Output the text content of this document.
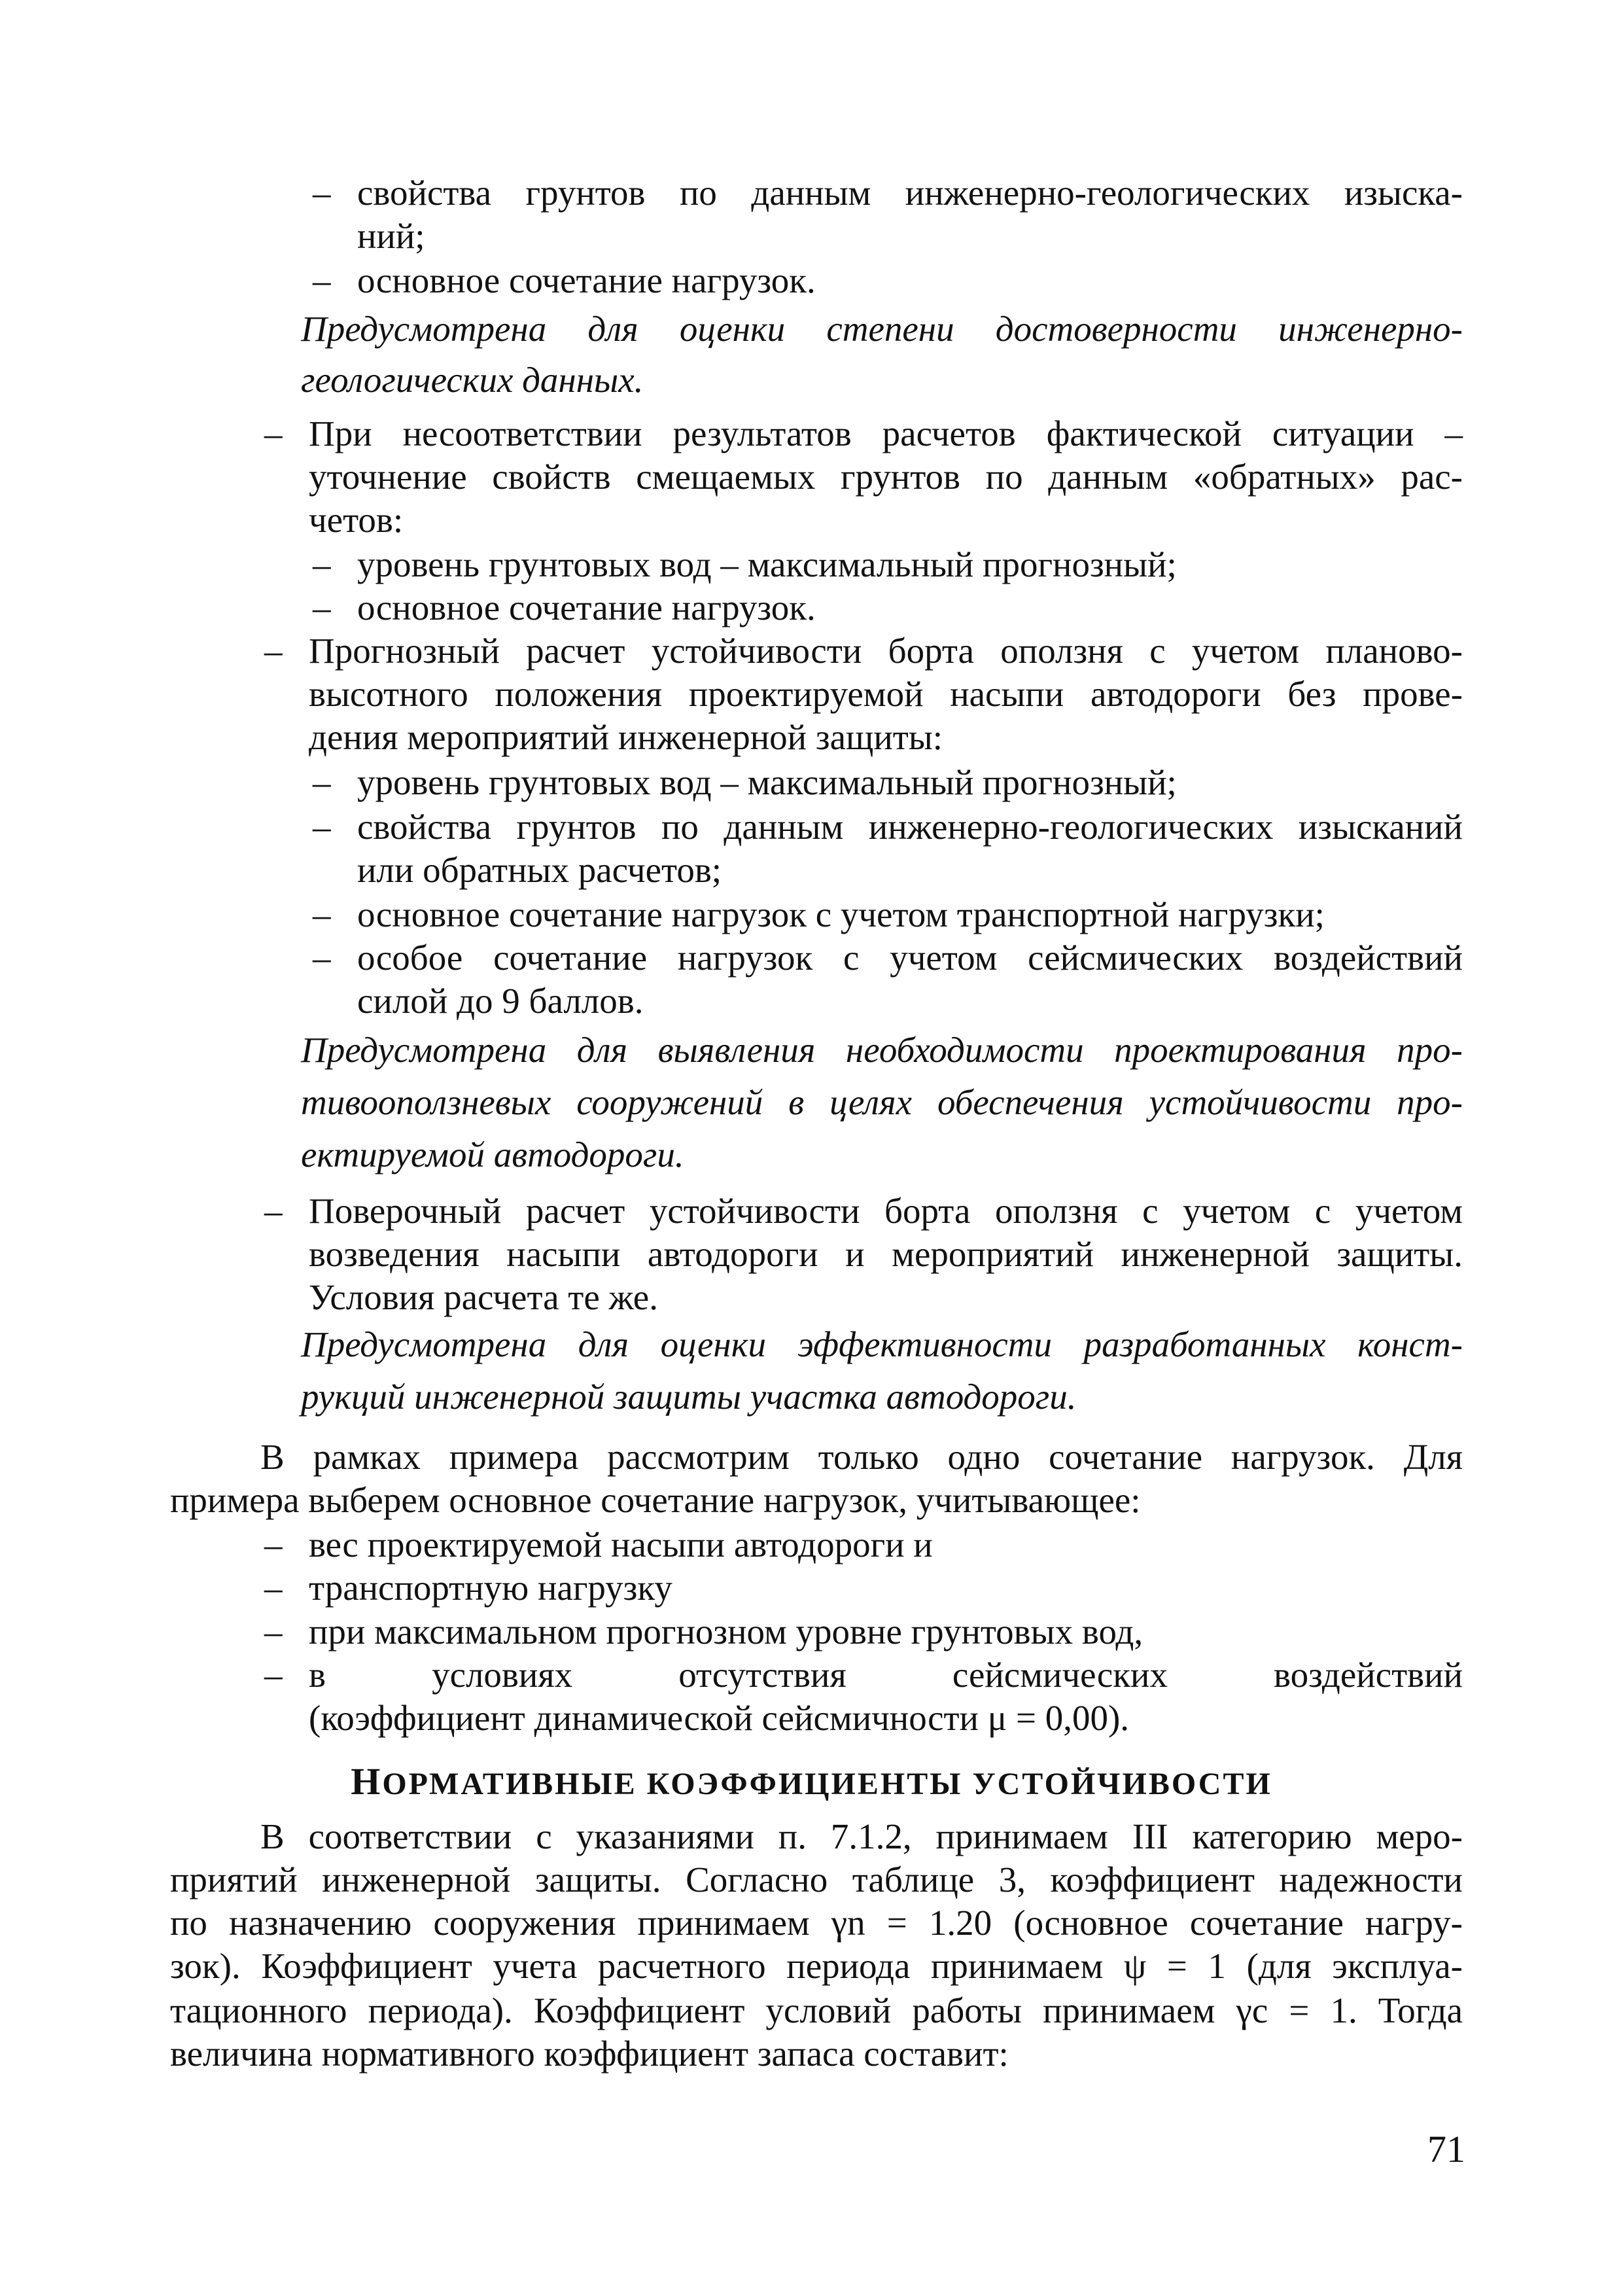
–
–
–
–
–
–
–
–
–
–
–
–
–
–
–
свойства грунтов по данным инженерно-геологических изыска-
ний;
основное сочетание нагрузок.
Предусмотрена для оценки степени достоверности инженерно-
геологических данных.
При несоответствии результатов расчетов фактической ситуации –
уточнение свойств смещаемых грунтов по данным «обратных» рас-
четов:
уровень грунтовых вод – максимальный прогнозный;
основное сочетание нагрузок.
Прогнозный расчет устойчивости борта оползня с учетом планово-
высотного положения проектируемой насыпи автодороги без прове-
дения мероприятий инженерной защиты:
уровень грунтовых вод – максимальный прогнозный;
свойства грунтов по данным инженерно-геологических изысканий
или обратных расчетов;
основное сочетание нагрузок с учетом транспортной нагрузки;
особое сочетание нагрузок с учетом сейсмических воздействий
силой до 9 баллов.
Предусмотрена для выявления необходимости проектирования про-
тивооползневых сооружений в целях обеспечения устойчивости про-
ектируемой автодороги.
Поверочный расчет устойчивости борта оползня с учетом с учетом
возведения насыпи автодороги и мероприятий инженерной защиты.
Условия расчета те же.
Предусмотрена для оценки эффективности разработанных конст-
рукций инженерной защиты участка автодороги.
В рамках примера рассмотрим только одно сочетание нагрузок. Для
примера выберем основное сочетание нагрузок, учитывающее:
вес проектируемой насыпи автодороги и
транспортную нагрузку
при максимальном прогнозном уровне грунтовых вод,
в условиях отсутствия сейсмических воздействий
(коэффициент динамической сейсмичности μ = 0,00).
НОРМАТИВНЫЕ КОЭФФИЦИЕНТЫ УСТОЙЧИВОСТИ
В соответствии с указаниями п. 7.1.2, принимаем III категорию меро-
приятий инженерной защиты. Согласно таблице 3, коэффициент надежности
по назначению сооружения принимаем γn = 1.20 (основное сочетание нагру-
зок). Коэффициент учета расчетного периода принимаем ψ = 1 (для эксплуа-
тационного периода). Коэффициент условий работы принимаем γc = 1. Тогда
величина нормативного коэффициент запаса составит:
71
